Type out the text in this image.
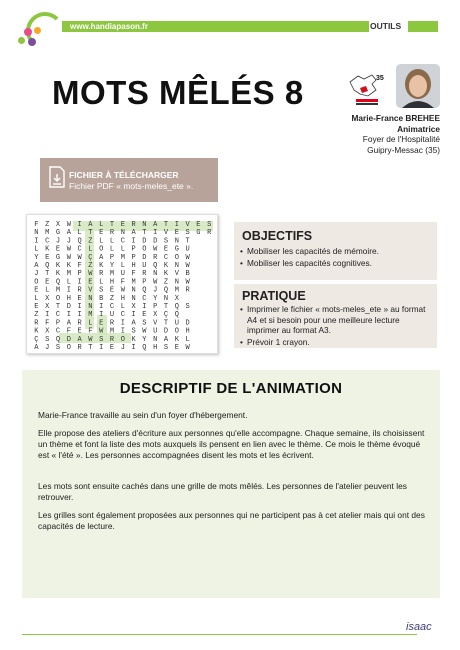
www.handiapason.fr	OUTILS
MOTS MÊLÉS 8	35
Marie-France BREHEE
Animatrice
Foyer de l'Hospitalité
Guipry-Messac (35)
FICHIER À TÉLÉCHARGER
Fichier PDF « mots-meles_ete ».
F Z X W I A L T E R N A T I V E S
N M G A L T E R N A T I V E S G R
I C J J Q Z L L C I D D S N T
L K E W C L O L L P O W E G U
Y E G W W Ç A P M P D R C O W
A Q K K F Z K Y L H U Q K N W
J T K M P W R M U F R N K V B
O E Q L I E L H F M P W Z N W
E L M I R V S E W N Q J Q M R
L X O H E N B Z H N C Y N X
E X T D I N I C L X I P T Q S
Z I C I I M I U C I E X Ç Q
R F P A R L E R I A S V T U D
K X C F E F W M I S W U D O H
Ç S Q D A W S R O K Y N A K L
A J S O R T I E J I Q H S E W
OBJECTIFS
• Mobiliser les capacités de mémoire.
• Mobiliser les capacités cognitives.
PRATIQUE
• Imprimer le fichier « mots-meles_ete » au format A4 et si besoin pour une meilleure lecture imprimer au format A3.
• Prévoir 1 crayon.
DESCRIPTIF DE L'ANIMATION

Marie-France travaille au sein d'un foyer d'hébergement.

Elle propose des ateliers d'écriture aux personnes qu'elle accompagne. Chaque semaine, ils choisissent un thème et font la liste des mots auxquels ils pensent en lien avec le thème. Ce mois le thème évoqué est « l'été ». Les personnes accompagnées disent les mots et les écrivent.

Les mots sont ensuite cachés dans une grille de mots mêlés. Les personnes de l'atelier peuvent les retrouver.

Les grilles sont également proposées aux personnes qui ne participent pas à cet atelier mais qui ont des capacités de lecture.

isaac
